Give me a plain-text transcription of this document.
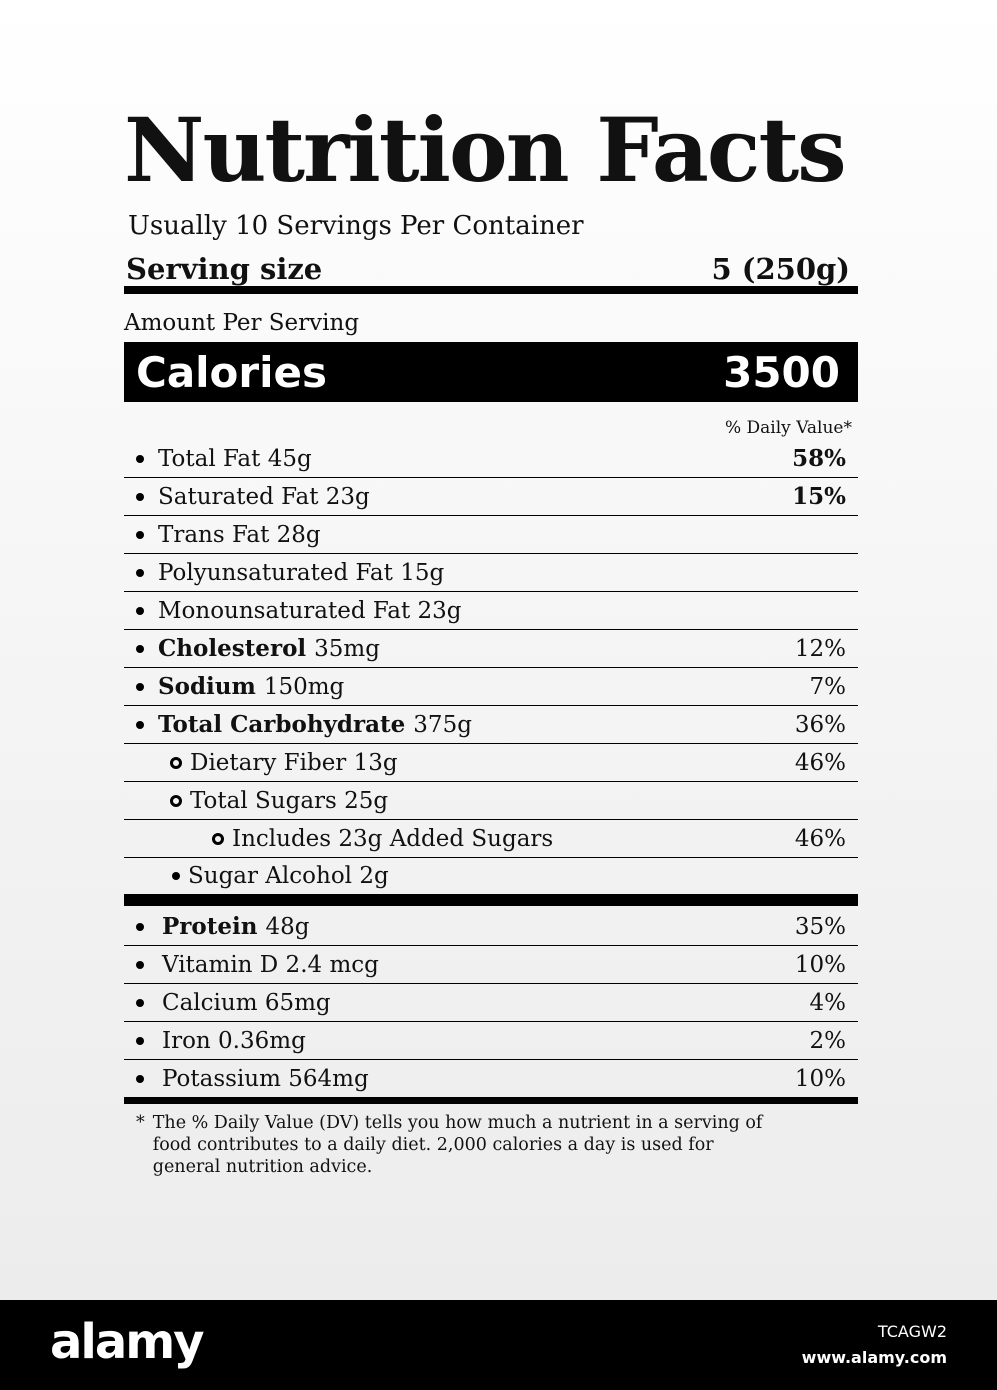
Nutrition Facts
Usually 10 Servings Per Container
Serving size	5 (250g)
Amount Per Serving
Calories	3500
% Daily Value*
Total Fat 45g	58%
Saturated Fat 23g	15%
Trans Fat 28g
Polyunsaturated Fat 15g
Monounsaturated Fat 23g
Cholesterol 35mg	12%
Sodium 150mg	7%
Total Carbohydrate 375g	36%
Dietary Fiber 13g	46%
Total Sugars 25g
Includes 23g Added Sugars	46%
Sugar Alcohol 2g
Protein 48g	35%
Vitamin D 2.4 mcg	10%
Calcium 65mg	4%
Iron 0.36mg	2%
Potassium 564mg	10%
* The % Daily Value (DV) tells you how much a nutrient in a serving of food contributes to a daily diet. 2,000 calories a day is used for general nutrition advice.
alamy	TCAGW2
www.alamy.com
